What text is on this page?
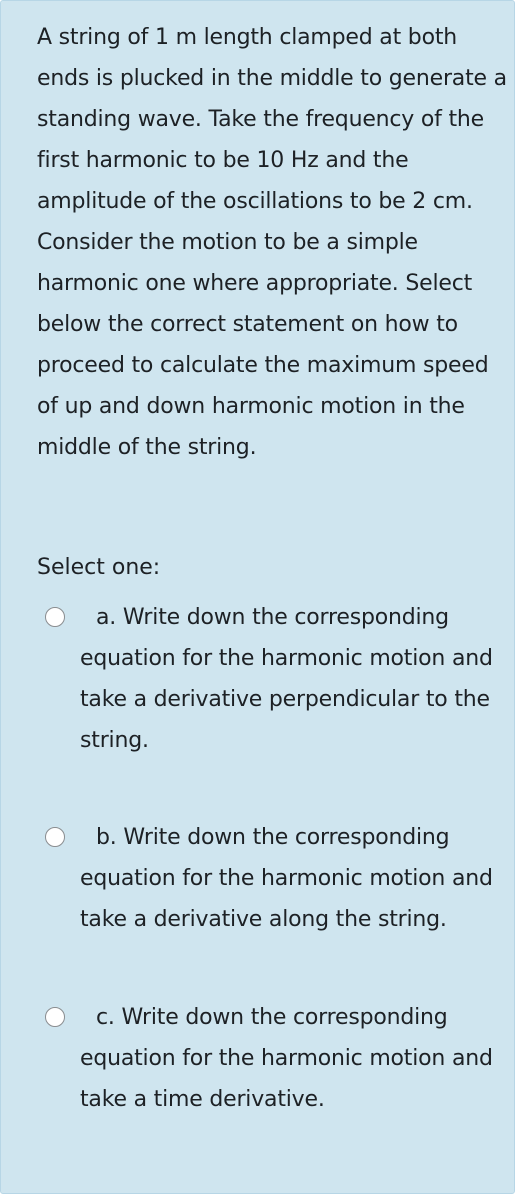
A string of 1 m length clamped at both ends is plucked in the middle to generate a standing wave. Take the frequency of the first harmonic to be 10 Hz and the amplitude of the oscillations to be 2 cm. Consider the motion to be a simple harmonic one where appropriate. Select below the correct statement on how to proceed to calculate the maximum speed of up and down harmonic motion in the middle of the string.

Select one:

a. Write down the corresponding equation for the harmonic motion and take a derivative perpendicular to the string.

b. Write down the corresponding equation for the harmonic motion and take a derivative along the string.

c. Write down the corresponding equation for the harmonic motion and take a time derivative.
